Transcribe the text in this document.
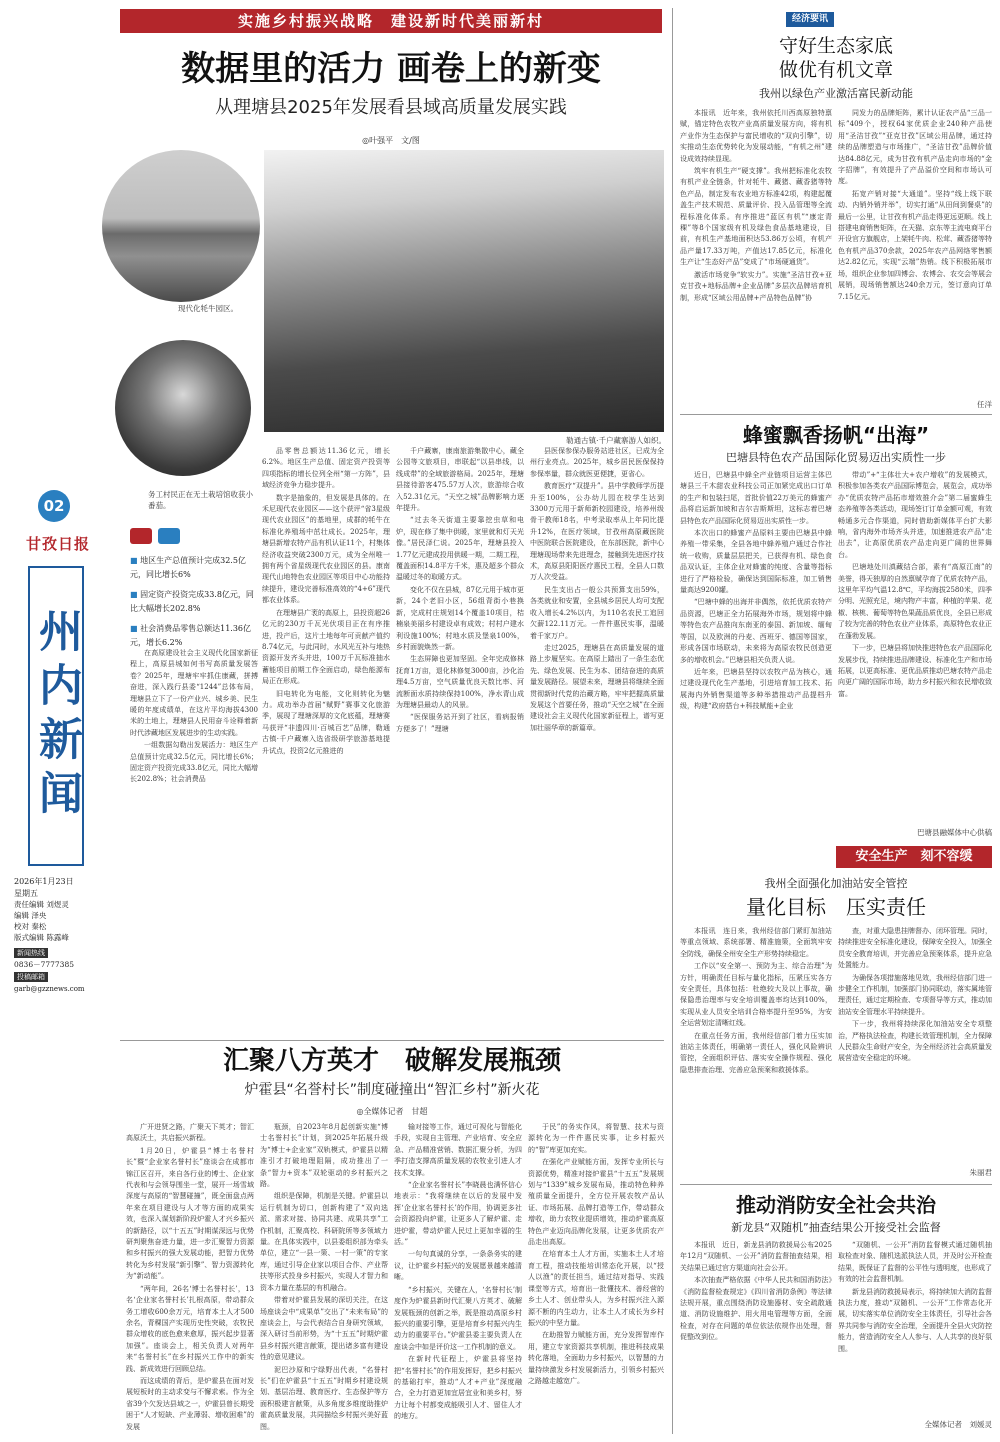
02
甘孜日报
州内新闻
2026年1月23日
星期五
责任编辑 刘煜灵
编辑 泽央
校对 秦松
版式编辑 陈露峰
新闻热线
0836－7777385
投稿邮箱
garb@gzznews.com

■ 地区生产总值预计完成32.5亿元，同比增长6%
■ 固定资产投资完成33.8亿元，同比大幅增长202.8%
■ 社会消费品零售总额达11.36亿元，增长6.2%
实施乡村振兴战略　建设新时代美丽新村
数据里的活力 画卷上的新变
从理塘县2025年发展看县域高质量发展实践
◎叶强平　文/图
现代化牦牛园区。
务工村民正在无土栽培馆收获小番茄。
勒通古镇·千户藏寨游人如织。

在高原建设社会主义现代化国家新征程上，高原县城如何书写高质量发展答卷？2025年，理塘牢牢抓住康藏，拼搏奋进，深入践行县委“1244”总体布局，理塘县立下了一份产业兴、城乡美、民生暖的年度成绩单，在这片平均海拔4300米的土地上，理塘县人民用奋斗诠释着新时代涉藏地区发展进步的生动实践。

一组数据勾勒出发展活力：地区生产总值预计完成32.5亿元，同比增长6%；固定资产投资完成33.8亿元，同比大幅增长202.8%；社会消费品

品零售总额达11.36亿元，增长6.2%。地区生产总值、固定资产投资等四项指标的增长位列全州“第一方阵”，县域经济竞争力稳步提升。

数字是抽象的，但发展是具体的。在禾尼现代农业园区——这个获评“省3星级现代农业园区”的基地里，成群的牦牛在标准化养殖场中茁壮成长。2025年，理塘县新增农特产品有机认证11个，村集体经济收益突破2300万元，成为全州唯一拥有两个省星级现代农业园区的县。康南现代山地特色农业园区等项目中心功能持续提升，建设完善标准高效的“4+6”现代都农业体系。

在理塘县广袤的高原上，县投资超26亿元的230万千瓦光伏项目正在有序推进，投产后，这片土地每年可贡献产值约8.74亿元，与此同时，水风光互补与地热资源开发齐头并进，100万千瓦标准抽水蓄能项目前期工作全面启动，绿色能源布局正在形成。

旧电转化为电能，文化则转化为魅力。成功举办首届“赋野”赛事文化旅游季，展现了理塘深厚的文化底蕴，理塘赛马获评“非遗四川·百城百艺”品牌，勒通古镇·千户藏寨入选省级研学旅游基地提升试点，投资2亿元推进的

千户藏寨，康南旅游集散中心，藏全公园等文旅项目，串联起“以县串线，以线成带”的全域旅游格局。2025年，理塘县接待游客475.57万人次，旅游综合收入52.31亿元，“天空之城”品牌影响力逐年提升。

“过去冬天街道主要靠挖虫草和电炉，现在修了集中供暖，家里就和灯天光像。”居民泽仁说。2025年，理塘县投入1.77亿元建成投用供暖一期，二期工程，覆盖面积14.8平方千米，惠及超多个群众温暖过冬的取暖方式。

变化不仅在县城，87亿元用于城市更新，24个老旧小区，56组背街小巷换新，完成村庄规划14个覆盖10项目，桔楠泉美丽乡村建设卓有成效；村村户建水利设施100%；村地水质及堡泉100%，乡村面貌焕然一新。

生态屏障也更加坚固。全年完成修林抚育1万亩，退化林修复3000亩，沙化治理4.5万亩，空气质量优良天数比率、河流断面水质持续保持100%，净水青山成为理塘县最动人的风景。

“医保服务站开到了社区，看病报销方便多了！”理塘

县医保参保办服务站进社区，已成为全州行业亮点。2025年，城乡居民医保保持参保率量，群众就医更便捷，更省心。

教育医疗“双提升”。县中学教师学历提升至100%，公办幼儿园在校学生达到3300万元用于新师新校园建设，培养州级骨干教师18名，中考录取率从上年同比提升12%，在医疗领域，甘孜州高原藏医院中医院联合医院建设，在东部医院，新中心理塘现场带来先进理念，接触到先进医疗技术，高原县阳阳医疗惠民工程，全县人口数万人次受益。

民生支出占一般公共预算支出59%，各类就业和安置，全县城乡居民人均可支配收入增长4.2%以内，为110名农民工追回欠薪122.11万元。一件件惠民实事，温暖着千家万户。

走过2025，理塘县在高质量发展的道路上步履坚实。在高原上踏出了一条生态优先、绿色发展、民生为本、团结奋进的高质量发展路径。展望未来，理塘县将继续全面贯彻新时代党的治藏方略，牢牢把握高质量发展这个首要任务，推动“天空之城”在全面建设社会主义现代化国家新征程上，谱写更加壮丽华章的新篇章。

汇聚八方英才　破解发展瓶颈
炉霍县“名誉村长”制度碰撞出“智汇乡村”新火花
◎全媒体记者　甘超

广开进贤之路，广聚天下英才；智汇高原沃土，共启振兴新程。

1月20日，炉霍县“博士名誉村长”暨“企业家名誉村长”座谈会在成都市锦江区召开，来自各行业的博士、企业家代表和与会领导围坐一堂，展开一场雪域深度与高原的“智慧碰撞”，既全面盘点两年来在项目建设与人才等方面的成果实效，也深入谋划新阶段炉霍人才兴乡振兴的新路径，以“十五五”时期谋深远与优势研判聚焦奋进力量，进一步汇聚智力资源和乡村振兴的强大发展动能，把智力优势转化为乡村发展“新引擎”、智力资源转化为“新动能”。

“两年间，26名‘博士名誉村长’，13名‘企业家名誉村长’扎根高原，带动群众务工增收600余万元，培育本土人才500余名，青稞国产实现历史性突破，农牧民群众增收的底色愈来愈厚，振兴起步显著加强”。座谈会上，相关负责人对两年来“名誉村长”在乡村振兴工作中的新实践、新成效进行回顾总结。

而这成绩的背后，是炉霍县在面对发展短板时的主动求变与不懈求索。作为全省39个欠发达县域之一，炉霍县曾长期受困于“人才短缺、产业薄弱、增收困难”的发展

瓶颈，自2023年8月起创新实施“博士名誉村长”计划，到2025年拓展升级为“博士+企业家”双轨模式，炉霍县以精准引才打破地理阻隔，成功推出了一条“智力+资本”双轮驱动的乡村振兴之路。

组织是保障，机制是关键。炉霍县以运行机制为切口，创新构建了“双向选派、需求对接、协同共建、成果共享”工作机制，汇聚高校、科研院所等多领域力量。在具体实践中，以县委组织部为牵头单位，建立“一县一策、一村一策”的专家库，通过引导企业家以项目合作、产业帮扶等形式投身乡村振兴，实现人才智力和资本力量在基层的有机融合。

带着对炉霍县发展的深切关注，在这场座谈会中“成果单”交出了“未来布局”的座谈会上，与会代表结合自身研究领域，深入研讨当前形势，为“十五五”时期炉霍县乡村振兴建言献策，提出诸多富有建设性的意见建议。

泥巴沙原和宁绿野出代表，“名誉村长”们在炉霍县“十五五”时期乡村建设规划、基层治理、教育医疗、生态保护等方面积极建言献策，从多角度多维度助推炉霍高质量发展，共同描绘乡村振兴美好蓝图。

输对接等工作，通过可视化与智能化手段，实现自主管理、产业培育、安全应急、产品精准营销、数据汇聚分析，为四季打造支撑高质量发展的农牧业引进人才技术支撑。

“企业家名誉村长”李晓晨也满怀信心地表示：“我将继续在以后的发展中发挥‘企业家名誉村长’的作用，协调更多社会资源投向炉霍，让更多人了解炉霍、走进炉霍，带动炉霍人民过上更加幸福的生活。”

一句句真诚的分享，一条条务实的建议，让炉霍乡村振兴的发展愿景越来越清晰。

“乡村振兴，关键在人，‘名誉村长’制度作为炉霍县新时代汇聚八方英才、破解发展瓶颈的创新之举，既是推动高原乡村振兴的重要引擎，更是培育乡村振兴内生动力的重要平台。”炉霍县委主要负责人在座谈会中如是评价这一工作机制的意义。

在新时代征程上，炉霍县将坚持把“名誉村长”的作用发挥好，把乡村振兴的基础打牢，推动“人才+产业”深度融合，全力打造更加宜居宜业和美乡村，努力让每个村都变成能吸引人才、留住人才的地方。

于民”的务实作风，将智慧、技术与资源转化为一件件惠民实事，让乡村振兴的“智”库更加充实。

在强化产业赋能方面，发挥专业所长与资源优势，精准对接炉霍县“十五五”发展规划与“1339”城乡发展布局，推动特色种养殖质量全面提升，全方位开展农牧产品认证、市场拓展、品牌打造等工作，带动群众增收，助力农牧业提质增效，推动炉霍高原特色产业迈向品牌化发展，让更多优质农产品走出高原。

在培育本土人才方面，实施本土人才培育工程，推动技能培训常态化开展，以“授人以渔”的责任担当，通过结对指导、实践课堂等方式，培育出一批懂技术、善经营的乡土人才、创业带头人，为乡村振兴注入源源不断的内生动力，让本土人才成长为乡村振兴的中坚力量。

在助推智力赋能方面，充分发挥智库作用，建立专家资源共享机制，推进科技成果转化落地，全面助力乡村振兴，以智慧的力量持续激发乡村发展新活力，引领乡村振兴之路越走越宽广。

经济要讯
守好生态家底
做优有机文章
我州以绿色产业激活富民新动能

本报讯　近年来，我州依托川西高原独特禀赋，锚定特色农牧产业高质量发展方向，将有机产业作为生态保护与富民增收的“双向引擎”，切实推动生态优势转化为发展动能，“有机之州”建设成效持续显现。

筑牢有机生产“硬支撑”。我州把标准化农牧有机产业全链条，针对牦牛、藏猪、藏香猪等特色产品，制定发布农业地方标准42项，构建起覆盖生产技术规范、质量评价、投入品管理等全流程标准化体系。有序推进“蓝区有机”“康定青稞”等8个国家级有机及绿色食品基地建设，目前，有机生产基地面积达53.86万公顷，有机产品产量17.33万吨，产值达17.85亿元，标准化生产让“生态好产品”变成了“市场硬通货”。

激活市场竞争“软实力”。实施“圣洁甘孜+亚克甘孜+地标品牌+企业品牌”多层次品牌培育机制，形成“区域公用品牌+产品特色品牌”协

同发力的品牌矩阵，累计认证农产品“三品一标”409个，授权64家优质企业240种产品使用“圣洁甘孜”“亚克甘孜”区域公用品牌，通过持续的品牌塑造与市场推广，“圣洁甘孜”品牌价值达84.88亿元，成为甘孜有机产品走向市场的“金字招牌”，有效提升了产品溢价空间和市场认可度。

拓宽产销对接“大通道”。坚持“线上线下联动、内销外销并举”，切实打通“从田间到餐桌”的最后一公里，让甘孜有机产品走得更远更顺。线上搭建电商销售矩阵，在天猫、京东等主流电商平台开设官方旗舰店，上架牦牛肉、松茸、藏香猪等特色有机产品370余款，2025年农产品网络零售额达2.82亿元，实现“云端”热销。线下积极拓展市场，组织企业参加四博会、农博会、农交会等展会展销，现场销售额达240余万元，签订意向订单7.15亿元。

任洋
蜂蜜飘香扬帆“出海”
巴塘县特色农产品国际化贸易迈出实质性一步

近日，巴塘县中蜂全产业链项目运营主体巴塘县三千木甜农业科技公司正加紧完成出口订单的生产和包装扫尾，首批价值22万美元的蜂蜜产品将启运新加坡和吉尔吉斯斯坦，这标志着巴塘县特色农产品国际化贸易迈出实质性一步。

本次出口的蜂蜜产品原料主要由巴塘县中蜂养殖一带采集，全县各地中蜂养殖户通过合作社统一收购，质量层层把关，已获得有机、绿色食品双认证，主体企业对蜂蜜的纯度、含量等指标进行了严格检验，确保达到国际标准，加工销售量高达9200罐。

“巴塘中蜂的出海并非偶然，依托优质农特产品资源，巴塘正全力拓展海外市场，规划将中蜂等特色农产品推向东南亚的泰国、新加坡、缅甸等国，以及欧洲的丹麦、西班牙、德国等国家，形成各国市场联动，未来将为高原农牧民创造更多的增收机会。”巴塘县相关负责人说。

近年来，巴塘县坚持以农牧产品为核心，通过建设现代化生产基地，引进培育加工技术、拓展海内外销售渠道等多种举措推动产品提档升级，构建“政府搭台+科技赋能+企业

带动”+“主体壮大+农户增收”的发展模式，积极参加各类农产品国际博览会，展览会，成功举办“优质农特产品拓市增效推介会”第二届蜜蜂生态养殖等各类活动，现场签订订单金额可观，有效畅通多元合作渠道，同时借助新媒体平台扩大影响，省内海外市场齐头并进，加速推进农产品“走出去”，让高原优质农产品走向更广阔的世界舞台。

巴塘地处川滇藏结合部，素有“高原江南”的美誉，得天独厚的自然禀赋孕育了优质农特产品，这里年平均气温12.8℃，平均海拔2580米，四季分明、光照充足，境内物产丰富，种植的苹果、花椒、核桃、葡萄等特色果蔬品质优良，全县已形成了较为完善的特色农业产业体系，高原特色农业正在蓬勃发展。

下一步，巴塘县将加快推进特色农产品国际化发展步伐，持续推进品牌建设、标准化生产和市场拓展，以更高标准、更优品质推动巴塘农特产品走向更广阔的国际市场，助力乡村振兴和农民增收致富。

巴塘县融媒体中心供稿
安全生产　刻不容缓
我州全面强化加油站安全管控
量化目标　压实责任

本报讯　连日来，我州经信部门紧盯加油站等重点领域、系统部署、精准施策，全面筑牢安全防线，确保全州安全生产形势持续稳定。

工作以“安全第一、预防为主、综合治理”为方针，明确责任目标与量化指标，压紧压实各方安全责任，具体包括：杜绝较大及以上事故，确保隐患治理率与安全培训覆盖率均达到100%，实现从业人员安全培训合格率提升至95%，为安全运营划定清晰红线。

在重点任务方面，我州经信部门着力压实加油站主体责任，明确第一责任人，强化风险辨识管控，全面组织评估、落实安全操作规程、强化隐患排查治理、完善应急预案和救援体系。

查，对重大隐患挂牌督办、闭环管理。同时，持续推进安全标准化建设，保障安全投入，加强全员安全教育培训，并完善应急预案体系，提升应急处置能力。

为确保各项措施落地见效，我州经信部门进一步健全工作机制，加强部门协同联动，落实属地管理责任，通过定期检查、专项督导等方式，推动加油站安全管理水平持续提升。

下一步，我州将持续深化加油站安全专项整治，严格执法检查，构建长效管理机制，全力保障人民群众生命财产安全，为全州经济社会高质量发展营造安全稳定的环境。

朱丽君
推动消防安全社会共治
新龙县“双随机”抽查结果公开接受社会监督

本报讯　近日，新龙县消防救援局公布2025年12月“双随机、一公开”消防监督抽查结果，相关结果已通过官方渠道向社会公开。

本次抽查严格依据《中华人民共和国消防法》《消防监督检查规定》《四川省消防条例》等法律法规开展，重点围绕消防设施器材、安全疏散通道、消防设施维护、用火用电管理等方面，全面检查，对存在问题的单位依法依规作出处理，督促整改到位。

“双随机、一公开”消防监督模式通过随机抽取检查对象、随机选派执法人员，并及时公开检查结果，既保证了监督的公平性与透明度，也形成了有效的社会监督机制。

新龙县消防救援局表示，将持续加大消防监督执法力度，推动“双随机、一公开”工作常态化开展，切实落实单位消防安全主体责任，引导社会各界共同参与消防安全治理，全面提升全县火灾防控能力，营造消防安全人人参与、人人共享的良好氛围。

全媒体记者　刘媛灵
